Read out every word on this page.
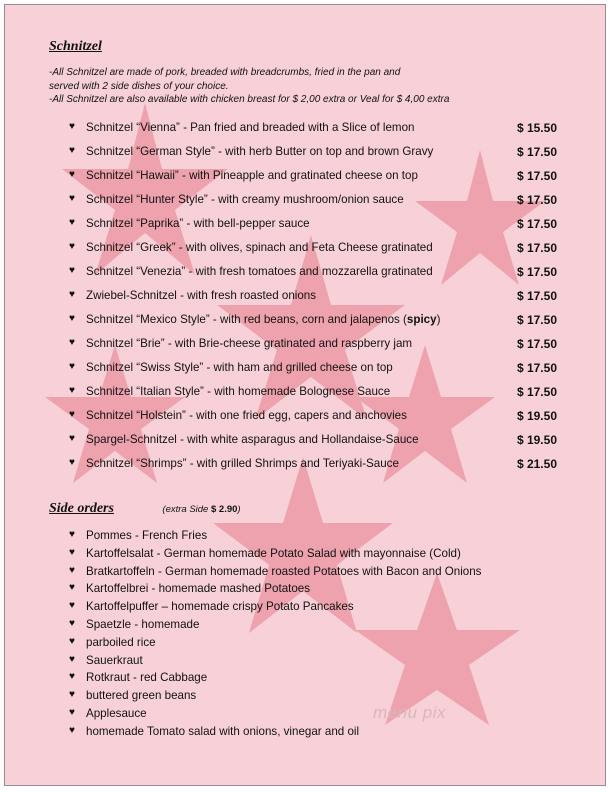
Schnitzel
-All Schnitzel are made of pork, breaded with breadcrumbs, fried in the pan and
served with 2 side dishes of your choice.
-All Schnitzel are also available with chicken breast for $ 2,00 extra or Veal for $ 4,00 extra
♥ Schnitzel “Vienna” - Pan fried and breaded with a Slice of lemon	$ 15.50
♥ Schnitzel “German Style” - with herb Butter on top and brown Gravy	$ 17.50
♥ Schnitzel “Hawaii” - with Pineapple and gratinated cheese on top	$ 17.50
♥ Schnitzel “Hunter Style” - with creamy mushroom/onion sauce	$ 17.50
♥ Schnitzel “Paprika” - with bell-pepper sauce	$ 17.50
♥ Schnitzel “Greek” - with olives, spinach and Feta Cheese gratinated	$ 17.50
♥ Schnitzel “Venezia” - with fresh tomatoes and mozzarella gratinated	$ 17.50
♥ Zwiebel-Schnitzel - with fresh roasted onions	$ 17.50
♥ Schnitzel “Mexico Style” - with red beans, corn and jalapenos (spicy)	$ 17.50
♥ Schnitzel “Brie” - with Brie-cheese gratinated and raspberry jam	$ 17.50
♥ Schnitzel “Swiss Style” - with ham and grilled cheese on top	$ 17.50
♥ Schnitzel “Italian Style” - with homemade Bolognese Sauce	$ 17.50
♥ Schnitzel “Holstein” - with one fried egg, capers and anchovies	$ 19.50
♥ Spargel-Schnitzel - with white asparagus and Hollandaise-Sauce	$ 19.50
♥ Schnitzel “Shrimps” - with grilled Shrimps and Teriyaki-Sauce	$ 21.50
Side orders	(extra Side $ 2.90)
♥ Pommes - French Fries
♥ Kartoffelsalat - German homemade Potato Salad with mayonnaise (Cold)
♥ Bratkartoffeln - German homemade roasted Potatoes with Bacon and Onions
♥ Kartoffelbrei - homemade mashed Potatoes
♥ Kartoffelpuffer – homemade crispy Potato Pancakes
♥ Spaetzle - homemade
♥ parboiled rice
♥ Sauerkraut
♥ Rotkraut - red Cabbage
♥ buttered green beans
♥ Applesauce
♥ homemade Tomato salad with onions, vinegar and oil
menu pix
